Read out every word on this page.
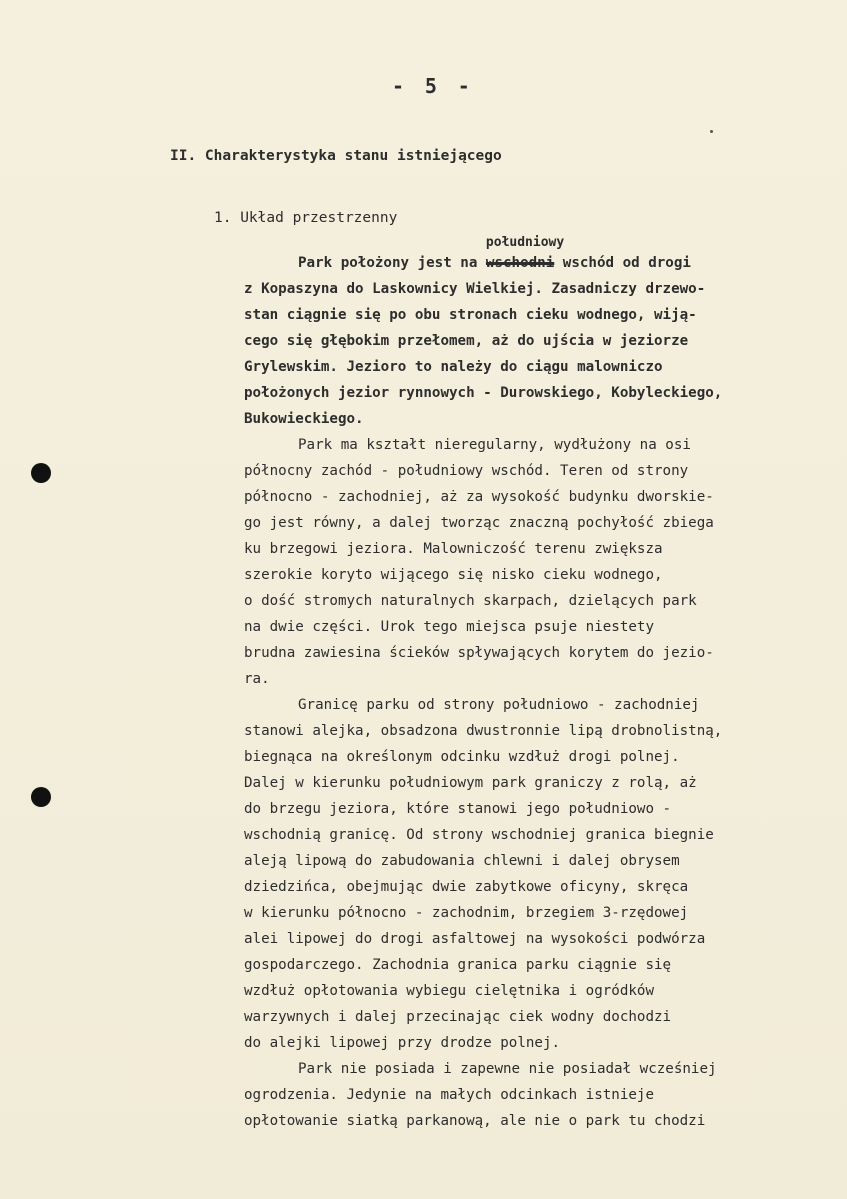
- 5 -
II. Charakterystyka stanu istniejącego
1. Układ przestrzenny
Park położony jest na wschodni
południowy
wschód od drogi
z Kopaszyna do Laskownicy Wielkiej. Zasadniczy drzewo-
stan ciągnie się po obu stronach cieku wodnego, wiją-
cego się głębokim przełomem, aż do ujścia w jeziorze
Grylewskim. Jezioro to należy do ciągu malowniczo
położonych jezior rynnowych - Durowskiego, Kobyleckiego,
Bukowieckiego.
Park ma kształt nieregularny, wydłużony na osi
północny zachód - południowy wschód. Teren od strony
północno - zachodniej, aż za wysokość budynku dworskie-
go jest równy, a dalej tworząc znaczną pochyłość zbiega
ku brzegowi jeziora. Malowniczość terenu zwiększa
szerokie koryto wijącego się nisko cieku wodnego,
o dość stromych naturalnych skarpach, dzielących park
na dwie części. Urok tego miejsca psuje niestety
brudna zawiesina ścieków spływających korytem do jezio-
ra.
Granicę parku od strony południowo - zachodniej
stanowi alejka, obsadzona dwustronnie lipą drobnolistną,
biegnąca na określonym odcinku wzdłuż drogi polnej.
Dalej w kierunku południowym park graniczy z rolą, aż
do brzegu jeziora, które stanowi jego południowo -
wschodnią granicę. Od strony wschodniej granica biegnie
aleją lipową do zabudowania chlewni i dalej obrysem
dziedzińca, obejmując dwie zabytkowe oficyny, skręca
w kierunku północno - zachodnim, brzegiem 3-rzędowej
alei lipowej do drogi asfaltowej na wysokości podwórza
gospodarczego. Zachodnia granica parku ciągnie się
wzdłuż opłotowania wybiegu cielętnika i ogródków
warzywnych i dalej przecinając ciek wodny dochodzi
do alejki lipowej przy drodze polnej.
Park nie posiada i zapewne nie posiadał wcześniej
ogrodzenia. Jedynie na małych odcinkach istnieje
opłotowanie siatką parkanową, ale nie o park tu chodzi
